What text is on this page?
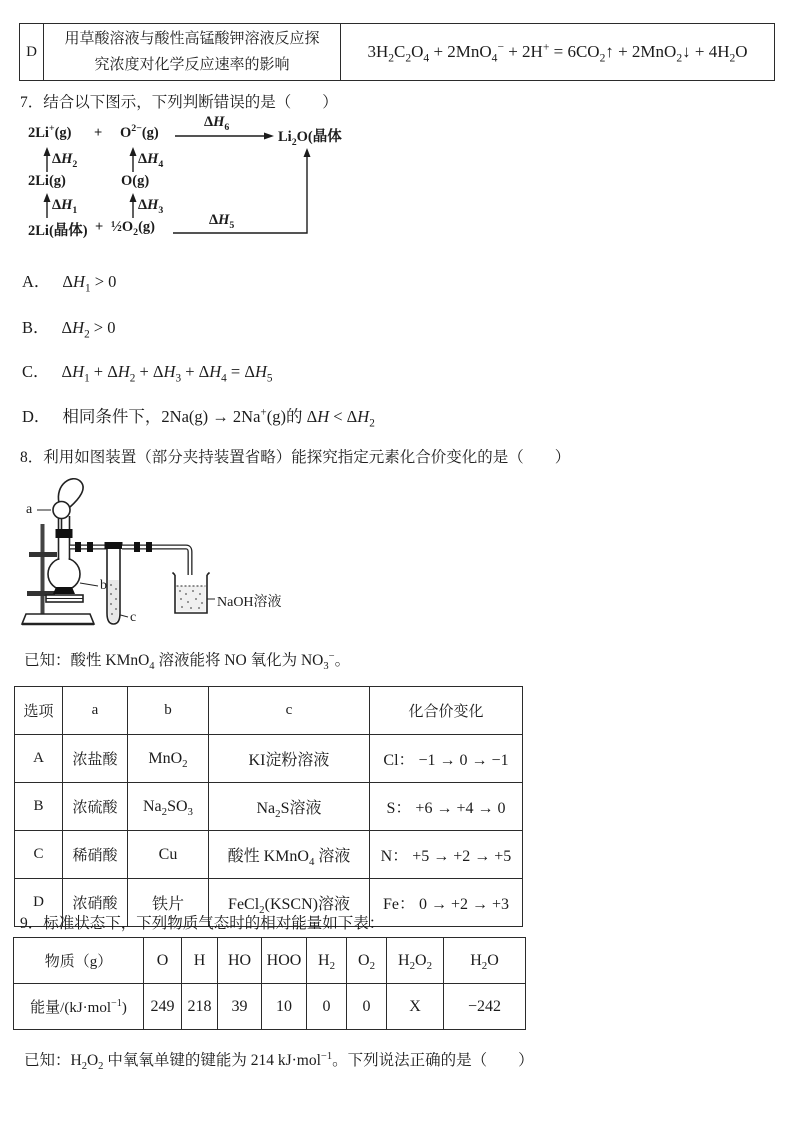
D	
用草酸溶液与酸性高锰酸钾溶液反应探
究浓度对化学反应速率的影响
	$3H_2C_2O_4 + 2MnO_4^- + 2H^+$ = $6CO_2↑$ + 2MnO$_2$↓ + $4H_2O$
7．结合以下图示，下列判断错误的是（　　）
$2Li^+(g) + O^{2-}(g)$
$\Delta H_6$
$Li_2O$(晶体
$\Delta H_2$	$\Delta H_4$
2Li(g)	O(g)
$\Delta H_1$	$\Delta H_3$
2Li(晶体) + $\frac{1}{2}O_2(g)$	$\Delta H_5$
A． $\Delta H_1 > 0$
B． $\Delta H_2 > 0$
C． $\Delta H_1 + \Delta H_2 + \Delta H_3 + \Delta H_4 = \Delta H_5$
D． 相同条件下，2Na(g) → 2Na+(g)的 $\Delta H < \Delta H_2$
8．利用如图装置（部分夹持装置省略）能探究指定元素化合价变化的是（　　）
a
b
c
NaOH溶液
已知：酸性 KMnO$_4$ 溶液能将 NO 氧化为 $NO_3^-$。
选项	a	b	c	化合价变化
A	浓盐酸	MnO$_2$	KI淀粉溶液	Cl： −1 → 0 → −1
B	浓硫酸	$Na_2SO_3$	$Na_2S$溶液	S： +6 → +4 → 0
C	稀硝酸	Cu	酸性 KMnO$_4$ 溶液	N： +5 → +2 → +5
D	浓硝酸	铁片	FeCl$_2$(KSCN)溶液	Fe： 0 → +2 → +3
9．标准状态下，下列物质气态时的相对能量如下表：
物质（g）	O	H	HO	HOO	$H_2$	$O_2$	$H_2O_2$	$H_2O$
能量/(kJ·mol$^{-1}$)	249	218	39	10	0	0	X	−242
已知：$H_2O_2$ 中氧氧单键的键能为 214 kJ·mol$^{-1}$。下列说法正确的是（　　）
